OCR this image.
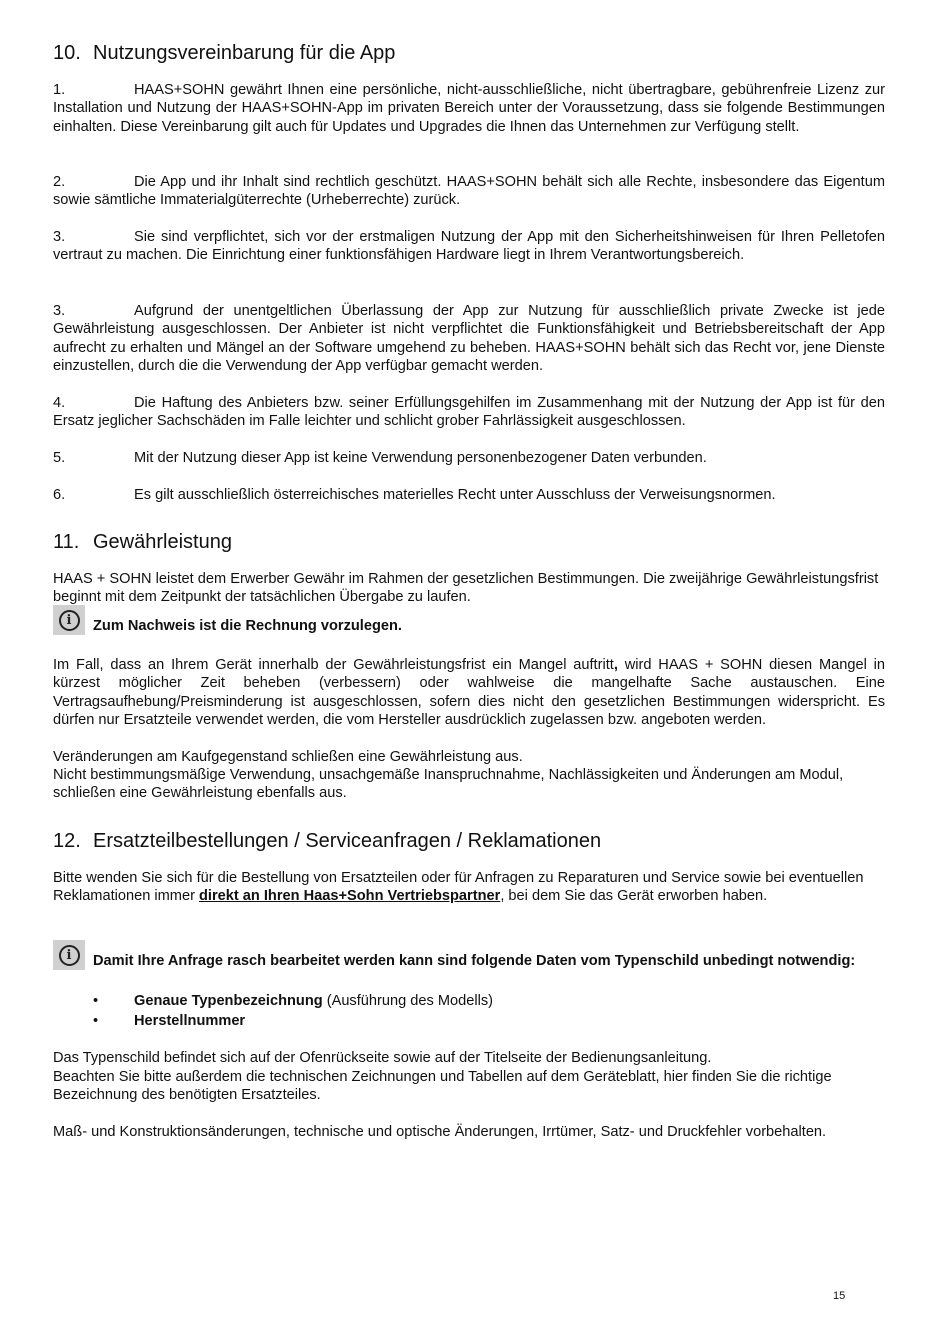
10. Nutzungsvereinbarung für die App

1.	HAAS+SOHN gewährt Ihnen eine persönliche, nicht-ausschließliche, nicht übertragbare, gebührenfreie Lizenz zur Installation und Nutzung der HAAS+SOHN-App im privaten Bereich unter der Voraussetzung, dass sie folgende Bestimmungen einhalten. Diese Vereinbarung gilt auch für Updates und Upgrades die Ihnen das Unternehmen zur Verfügung stellt.

2.	Die App und ihr Inhalt sind rechtlich geschützt. HAAS+SOHN behält sich alle Rechte, insbesondere das Eigentum sowie sämtliche Immaterialgüterrechte (Urheberrechte) zurück.

3.	Sie sind verpflichtet, sich vor der erstmaligen Nutzung der App mit den Sicherheitshinweisen für Ihren Pelletofen vertraut zu machen. Die Einrichtung einer funktionsfähigen Hardware liegt in Ihrem Verantwortungsbereich.

3.	Aufgrund der unentgeltlichen Überlassung der App zur Nutzung für ausschließlich private Zwecke ist jede Gewährleistung ausgeschlossen. Der Anbieter ist nicht verpflichtet die Funktionsfähigkeit und Betriebsbereitschaft der App aufrecht zu erhalten und Mängel an der Software umgehend zu beheben. HAAS+SOHN behält sich das Recht vor, jene Dienste einzustellen, durch die die Verwendung der App verfügbar gemacht werden.

4.	Die Haftung des Anbieters bzw. seiner Erfüllungsgehilfen im Zusammenhang mit der Nutzung der App ist für den Ersatz jeglicher Sachschäden im Falle leichter und schlicht grober Fahrlässigkeit ausgeschlossen.

5.	Mit der Nutzung dieser App ist keine Verwendung personenbezogener Daten verbunden.

6.	Es gilt ausschließlich österreichisches materielles Recht unter Ausschluss der Verweisungsnormen.

11. Gewährleistung

HAAS + SOHN leistet dem Erwerber Gewähr im Rahmen der gesetzlichen Bestimmungen. Die zweijährige Gewährleistungsfrist beginnt mit dem Zeitpunkt der tatsächlichen Übergabe zu laufen.

i	Zum Nachweis ist die Rechnung vorzulegen.

Im Fall, dass an Ihrem Gerät innerhalb der Gewährleistungsfrist ein Mangel auftritt, wird HAAS + SOHN diesen Mangel in kürzest möglicher Zeit beheben (verbessern) oder wahlweise die mangelhafte Sache austauschen. Eine Vertragsaufhebung/Preisminderung ist ausgeschlossen, sofern dies nicht den gesetzlichen Bestimmungen widerspricht. Es dürfen nur Ersatzteile verwendet werden, die vom Hersteller ausdrücklich zugelassen bzw. angeboten werden.

Veränderungen am Kaufgegenstand schließen eine Gewährleistung aus.

Nicht bestimmungsmäßige Verwendung, unsachgemäße Inanspruchnahme, Nachlässigkeiten und Änderungen am Modul, schließen eine Gewährleistung ebenfalls aus.

12. Ersatzteilbestellungen / Serviceanfragen / Reklamationen

Bitte wenden Sie sich für die Bestellung von Ersatzteilen oder für Anfragen zu Reparaturen und Service sowie bei eventuellen Reklamationen immer direkt an Ihren Haas+Sohn Vertriebspartner, bei dem Sie das Gerät erworben haben.

i	Damit Ihre Anfrage rasch bearbeitet werden kann sind folgende Daten vom Typenschild unbedingt notwendig:
• Genaue Typenbezeichnung (Ausführung des Modells)
• Herstellnummer

Das Typenschild befindet sich auf der Ofenrückseite sowie auf der Titelseite der Bedienungsanleitung.

Beachten Sie bitte außerdem die technischen Zeichnungen und Tabellen auf dem Geräteblatt, hier finden Sie die richtige Bezeichnung des benötigten Ersatzteiles.

Maß- und Konstruktionsänderungen, technische und optische Änderungen, Irrtümer, Satz- und Druckfehler vorbehalten.

15
